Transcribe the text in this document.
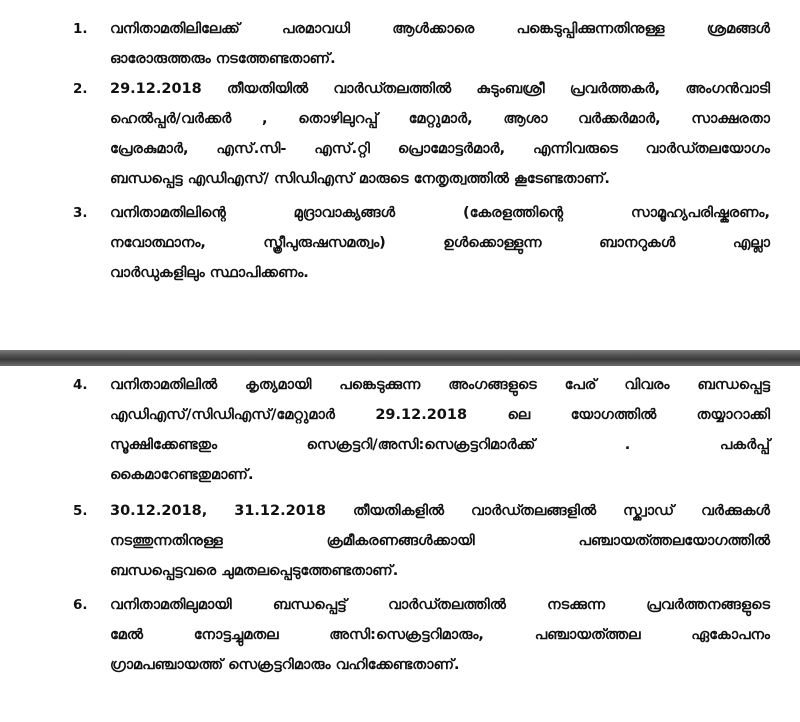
1. വനിതാമതിലിലേക്ക് പരമാവധി ആൾക്കാരെ പങ്കെടുപ്പിക്കുന്നതിനുള്ള ശ്രമങ്ങൾ
ഓരോരുത്തരും നടത്തേണ്ടതാണ്.
2. 29.12.2018 തീയതിയിൽ വാർഡ്തലത്തിൽ കുടുംബശ്രീ പ്രവർത്തകർ, അംഗൻവാടി
ഹെൽപ്പർ/വർക്കർ , തൊഴിലുറപ്പ് മേറ്റുമാർ, ആശാ വർക്കർമാർ, സാക്ഷരതാ
പ്രേരകുമാർ, എസ്.സി- എസ്.റ്റി പ്രൊമോട്ടർമാർ, എന്നിവരുടെ വാർഡ്തലയോഗം
ബന്ധപ്പെട്ട എഡിഎസ്/ സിഡിഎസ് മാരുടെ നേതൃത്വത്തിൽ കൂടേണ്ടതാണ്.
3. വനിതാമതിലിന്റെ മുദ്രാവാക്യങ്ങൾ (കേരളത്തിന്റെ സാമൂഹ്യപരിഷ്കരണം,
നവോത്ഥാനം, സ്ത്രീപുരുഷസമത്വം) ഉൾക്കൊള്ളുന്ന ബാനറുകൾ എല്ലാ
വാർഡുകളിലും സ്ഥാപിക്കണം.
4. വനിതാമതിലിൽ കൃത്യമായി പങ്കെടുക്കുന്ന അംഗങ്ങളുടെ പേര് വിവരം ബന്ധപ്പെട്ട
എഡിഎസ്/സിഡിഎസ്/മേറ്റുമാർ 29.12.2018 ലെ യോഗത്തിൽ തയ്യാറാക്കി
സൂക്ഷിക്കേണ്ടതും സെക്രട്ടറി/അസി:സെക്രട്ടറിമാർക്ക് . പകർപ്പ്
കൈമാറേണ്ടതുമാണ്.
5. 30.12.2018, 31.12.2018 തീയതികളിൽ വാർഡ്തലങ്ങളിൽ സ്ക്വാഡ് വർക്കുകൾ
നടത്തുന്നതിനുള്ള ക്രമീകരണങ്ങൾക്കായി പഞ്ചായത്ത്തലയോഗത്തിൽ
ബന്ധപ്പെട്ടവരെ ചുമതലപ്പെടുത്തേണ്ടതാണ്.
6. വനിതാമതിലുമായി ബന്ധപ്പെട്ട് വാർഡ്തലത്തിൽ നടക്കുന്ന പ്രവർത്തനങ്ങളുടെ
മേൽ നോട്ടച്ചുമതല അസി:സെക്രട്ടറിമാരും, പഞ്ചായത്ത്തല ഏകോപനം
ഗ്രാമപഞ്ചായത്ത് സെക്രട്ടറിമാരും വഹിക്കേണ്ടതാണ്.
